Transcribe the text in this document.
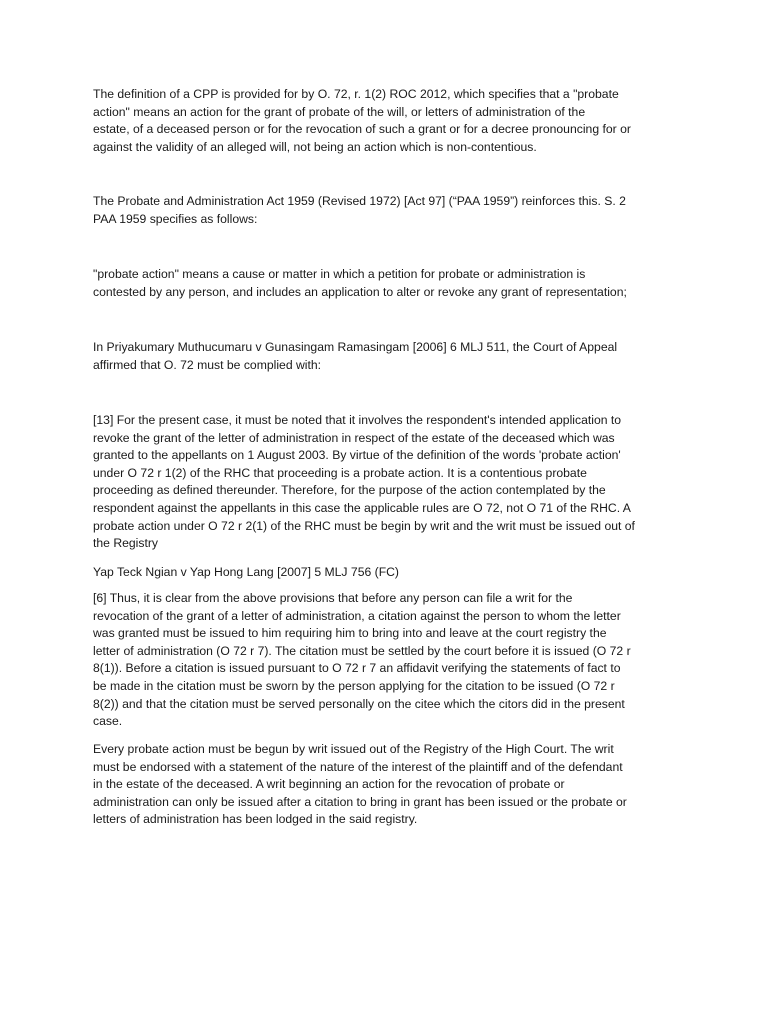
The definition of a CPP is provided for by O. 72, r. 1(2) ROC 2012, which specifies that a "probate
action" means an action for the grant of probate of the will, or letters of administration of the
estate, of a deceased person or for the revocation of such a grant or for a decree pronouncing for or
against the validity of an alleged will, not being an action which is non-contentious.

The Probate and Administration Act 1959 (Revised 1972) [Act 97] (“PAA 1959”) reinforces this. S. 2
PAA 1959 specifies as follows:

"probate action" means a cause or matter in which a petition for probate or administration is
contested by any person, and includes an application to alter or revoke any grant of representation;

In Priyakumary Muthucumaru v Gunasingam Ramasingam [2006] 6 MLJ 511, the Court of Appeal
affirmed that O. 72 must be complied with:

[13] For the present case, it must be noted that it involves the respondent's intended application to
revoke the grant of the letter of administration in respect of the estate of the deceased which was
granted to the appellants on 1 August 2003. By virtue of the definition of the words 'probate action'
under O 72 r 1(2) of the RHC that proceeding is a probate action. It is a contentious probate
proceeding as defined thereunder. Therefore, for the purpose of the action contemplated by the
respondent against the appellants in this case the applicable rules are O 72, not O 71 of the RHC. A
probate action under O 72 r 2(1) of the RHC must be begin by writ and the writ must be issued out of
the Registry

Yap Teck Ngian v Yap Hong Lang [2007] 5 MLJ 756 (FC)

[6] Thus, it is clear from the above provisions that before any person can file a writ for the
revocation of the grant of a letter of administration, a citation against the person to whom the letter
was granted must be issued to him requiring him to bring into and leave at the court registry the
letter of administration (O 72 r 7). The citation must be settled by the court before it is issued (O 72 r
8(1)). Before a citation is issued pursuant to O 72 r 7 an affidavit verifying the statements of fact to
be made in the citation must be sworn by the person applying for the citation to be issued (O 72 r
8(2)) and that the citation must be served personally on the citee which the citors did in the present
case.

Every probate action must be begun by writ issued out of the Registry of the High Court. The writ
must be endorsed with a statement of the nature of the interest of the plaintiff and of the defendant
in the estate of the deceased. A writ beginning an action for the revocation of probate or
administration can only be issued after a citation to bring in grant has been issued or the probate or
letters of administration has been lodged in the said registry.
